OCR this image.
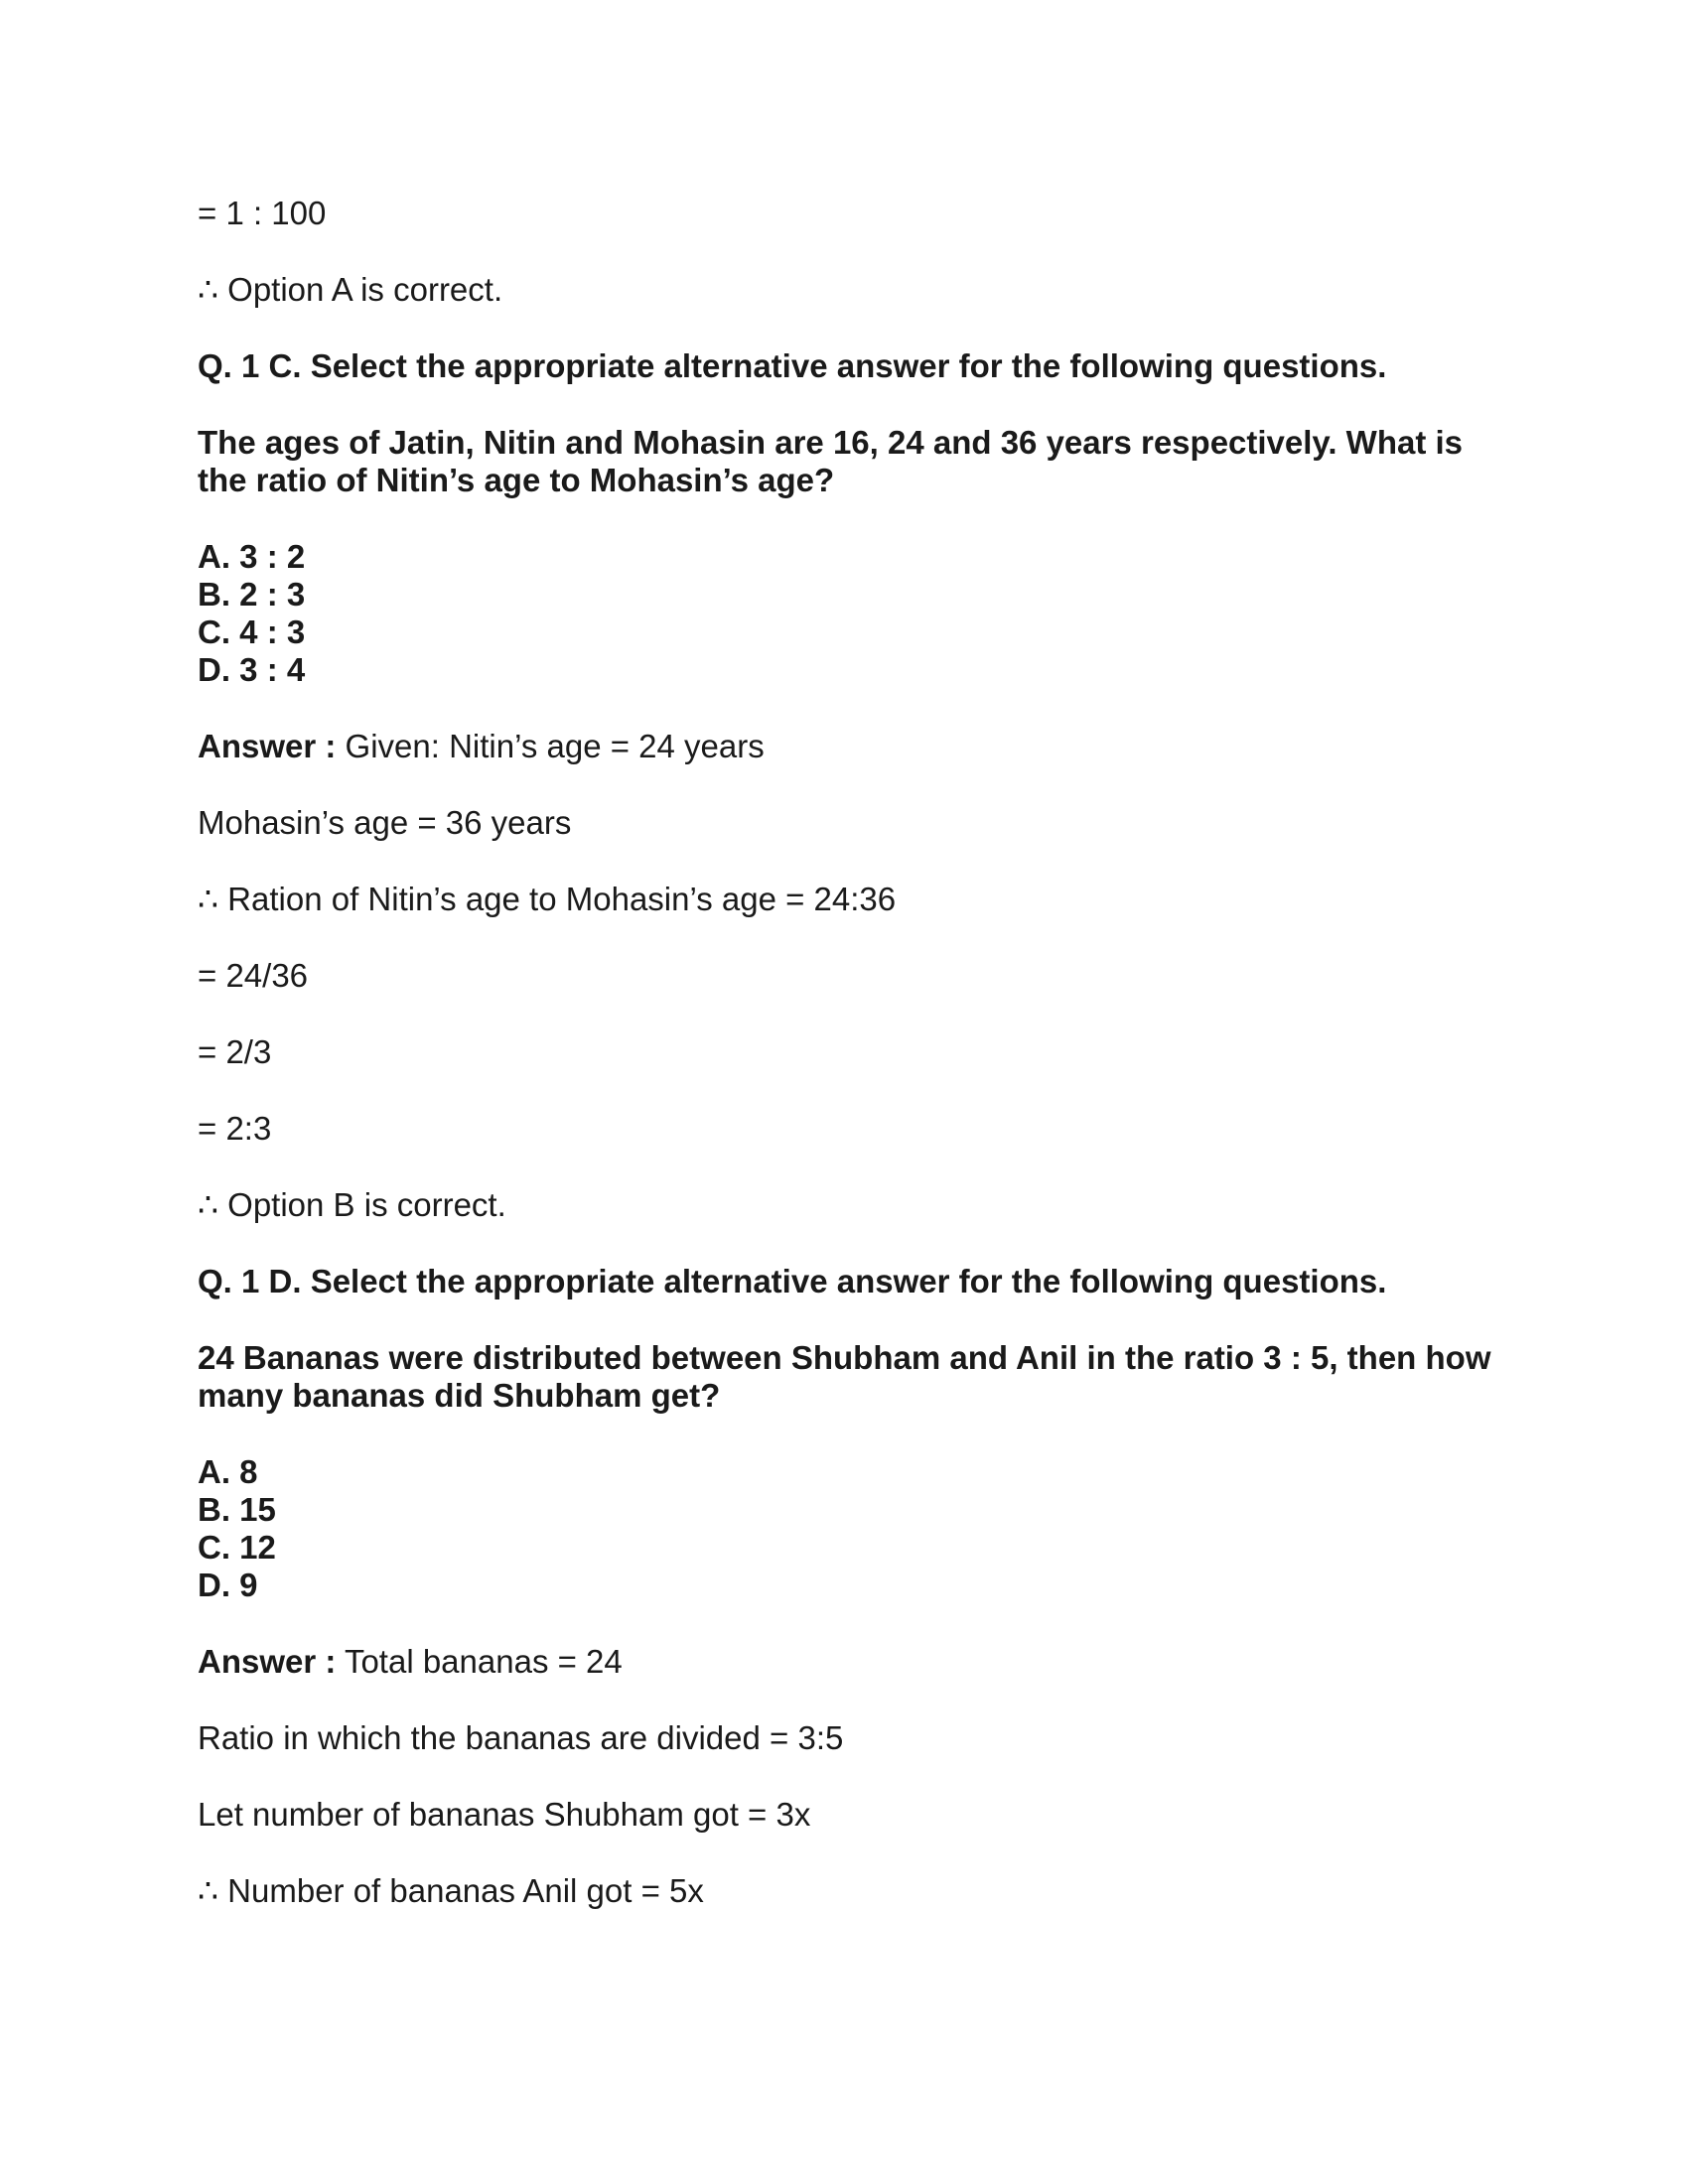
= 1 : 100
∴ Option A is correct.
Q. 1 C. Select the appropriate alternative answer for the following questions.
The ages of Jatin, Nitin and Mohasin are 16, 24 and 36 years respectively. What is the ratio of Nitin’s age to Mohasin’s age?
A. 3 : 2
B. 2 : 3
C. 4 : 3
D. 3 : 4
Answer : Given: Nitin’s age = 24 years
Mohasin’s age = 36 years
∴ Ration of Nitin’s age to Mohasin’s age = 24:36
= 24/36
= 2/3
= 2:3
∴ Option B is correct.
Q. 1 D. Select the appropriate alternative answer for the following questions.
24 Bananas were distributed between Shubham and Anil in the ratio 3 : 5, then how many bananas did Shubham get?
A. 8
B. 15
C. 12
D. 9
Answer : Total bananas = 24
Ratio in which the bananas are divided = 3:5
Let number of bananas Shubham got = 3x
∴ Number of bananas Anil got = 5x
